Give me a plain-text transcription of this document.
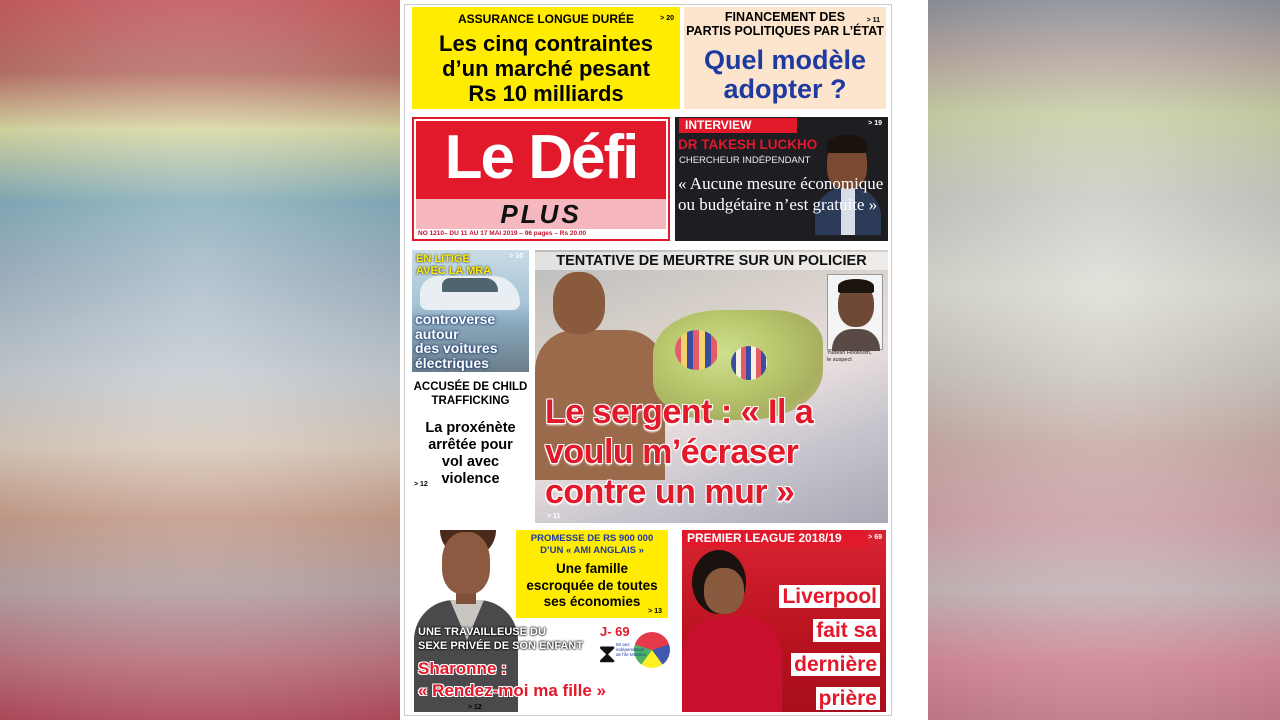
ASSURANCE LONGUE DURÉE	> 20
Les cinq contraintes
d’un marché pesant
Rs 10 milliards
FINANCEMENT DES
PARTIS POLITIQUES PAR L’ÉTAT
> 11
Quel modèle
adopter ?
Le Défi
PLUS
NO 1210– DU 11 AU 17 MAI 2019 – 96 pages – Rs 20.00
INTERVIEW	> 19
DR TAKESH LUCKHO
CHERCHEUR INDÉPENDANT
« Aucune mesure économique ou budgétaire n’est gratuite »
EN LITIGE
AVEC LA MRA
> 10
controverse
autour
des voitures
électriques
ACCUSÉE DE CHILD
TRAFFICKING
La proxénète
arrêtée pour
vol avec
violence
> 12
TENTATIVE DE MEURTRE SUR UN POLICIER
Yudesh Hoolloom,
le suspect
Le sergent : « Il a
voulu m’écraser
contre un mur »
> 11
PROMESSE DE RS 900 000
D’UN « AMI ANGLAIS »
Une famille
escroquée de toutes
ses économies
> 13
J- 69
⧗ 50 ans indépendance de l'ile Maurice
UNE TRAVAILLEUSE DU
SEXE PRIVÉE DE SON ENFANT
Sharonne :
« Rendez-moi ma fille »
> 12
PREMIER LEAGUE 2018/19	> 69
Liverpool
fait sa
dernière
prière
